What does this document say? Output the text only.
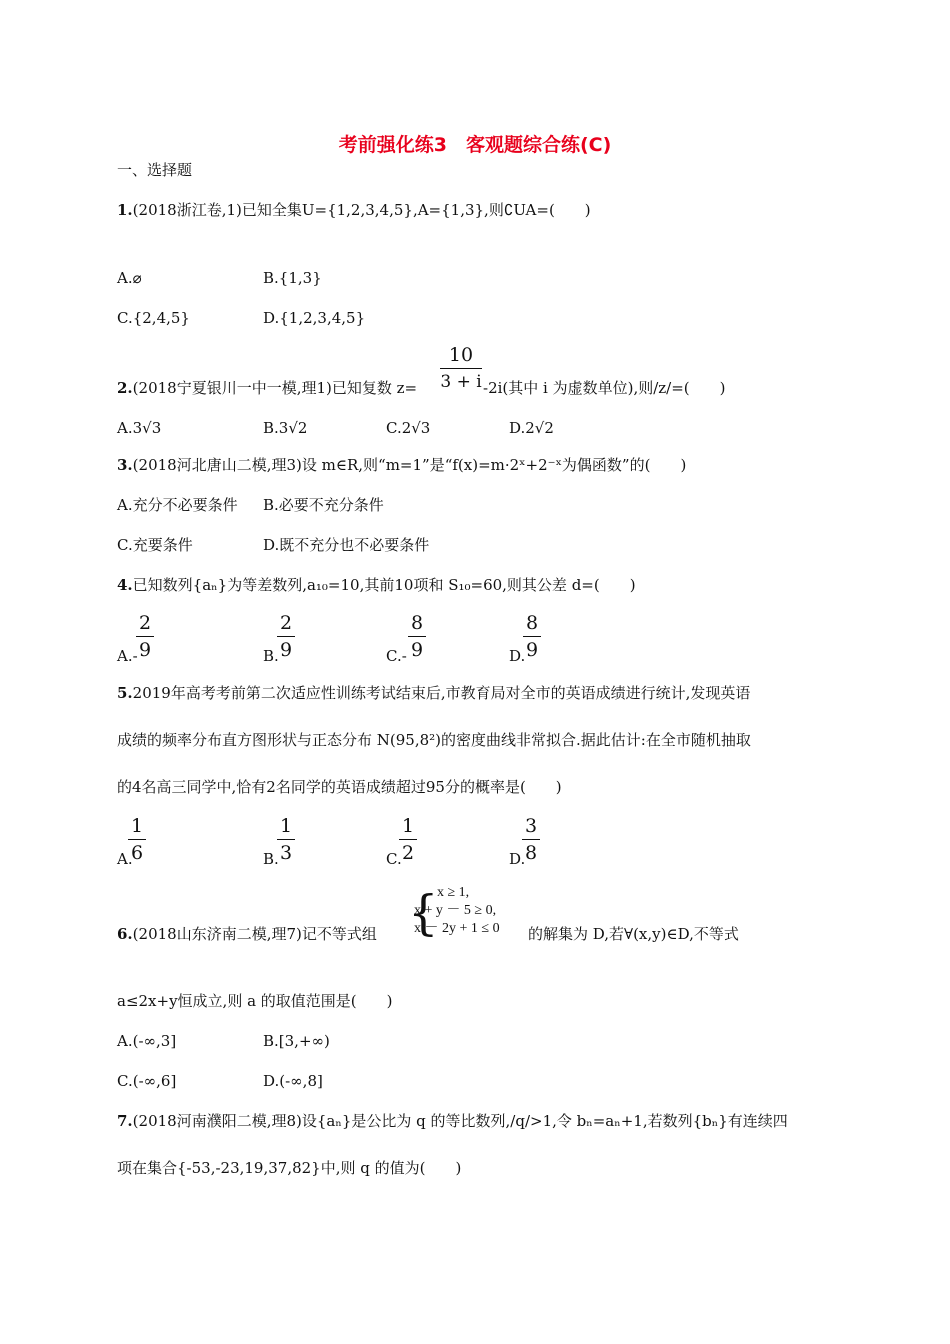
考前强化练3　客观题综合练(C)
一、选择题
1.(2018浙江卷,1)已知全集U={1,2,3,4,5},A={1,3},则∁UA=(　　)
A.⌀	B.{1,3}
C.{2,4,5}	D.{1,2,3,4,5}
10
3 + i
2.(2018宁夏银川一中一模,理1)已知复数 z=	-2i(其中 i 为虚数单位),则/z/=(　　)
A.3√3	B.3√2	C.2√3	D.2√2
3.(2018河北唐山二模,理3)设 m∈R,则“m=1”是“f(x)=m·2ˣ+2⁻ˣ为偶函数”的(　　)
A.充分不必要条件 B.必要不充分条件
C.充要条件	D.既不充分也不必要条件
4.已知数列{aₙ}为等差数列,a₁₀=10,其前10项和 S₁₀=60,则其公差 d=(　　)
A.-
2
9	B.
2
9	C.-
8
9	D.
8
9
5.2019年高考考前第二次适应性训练考试结束后,市教育局对全市的英语成绩进行统计,发现英语
成绩的频率分布直方图形状与正态分布 N(95,8²)的密度曲线非常拟合.据此估计:在全市随机抽取
的4名高三同学中,恰有2名同学的英语成绩超过95分的概率是(　　)
A.
1
6	B.
1
3	C.
1
2	D.
3
8
{
x ≥ 1,
x + y － 5 ≥ 0,
x － 2y + 1 ≤ 0
6.(2018山东济南二模,理7)记不等式组	的解集为 D,若∀(x,y)∈D,不等式
a≤2x+y恒成立,则 a 的取值范围是(　　)
A.(-∞,3]	B.[3,+∞)
C.(-∞,6]	D.(-∞,8]
7.(2018河南濮阳二模,理8)设{aₙ}是公比为 q 的等比数列,/q/>1,令 bₙ=aₙ+1,若数列{bₙ}有连续四
项在集合{-53,-23,19,37,82}中,则 q 的值为(　　)
